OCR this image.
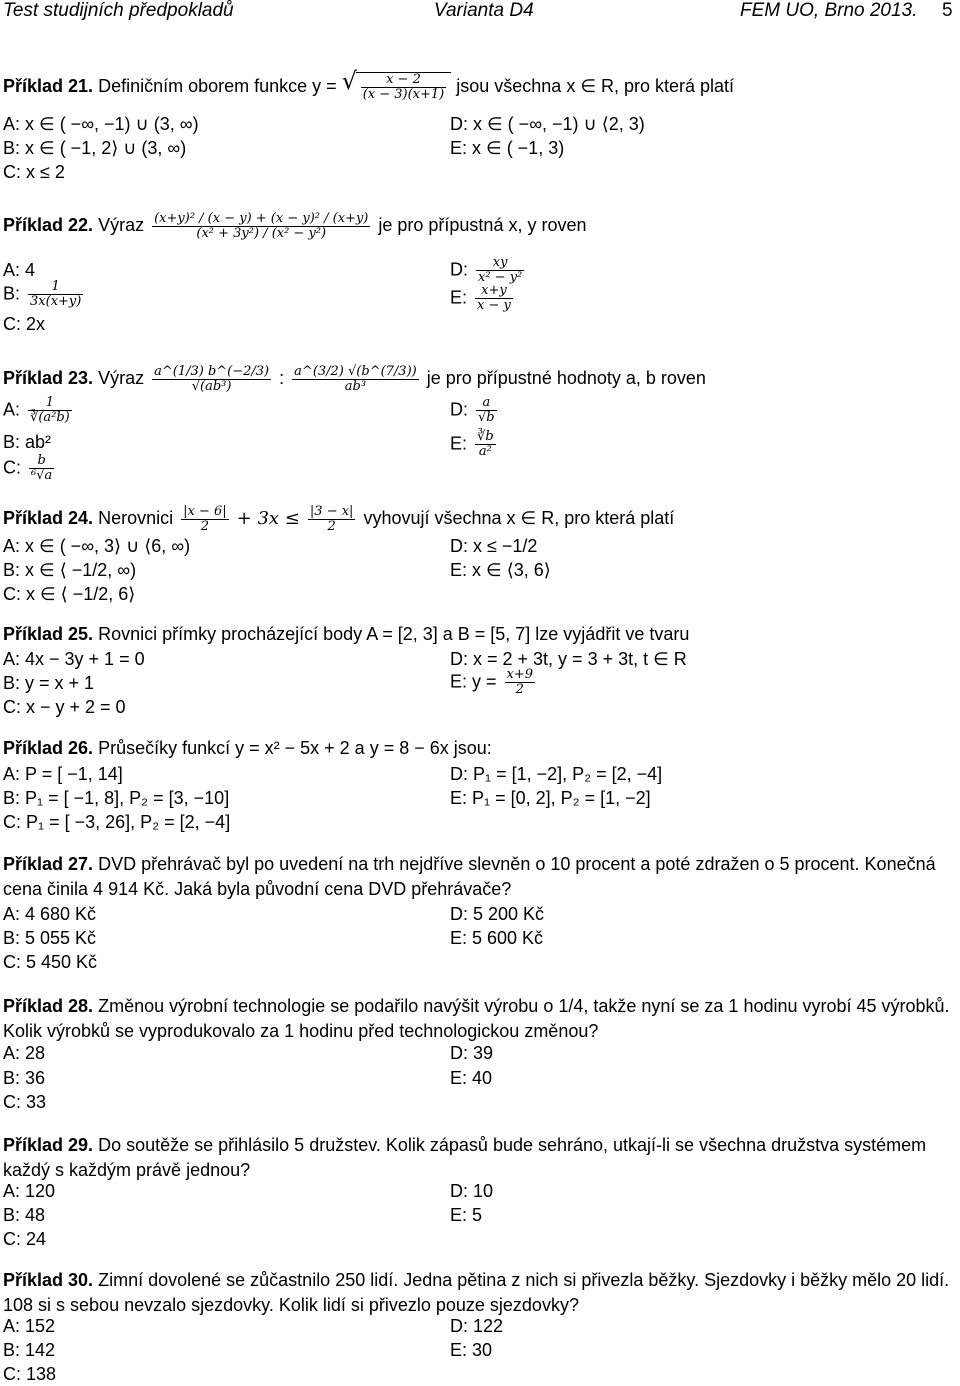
Test studijních předpokladů	Varianta D4	FEM UO, Brno 2013. 5
Příklad 21. Definičním oborem funkce y =
√ $\frac{x - 2}{(x - 3)(x+1)}$ jsou všechna x ∈ R, pro která platí
A: x ∈ ( −∞, −1) ∪ (3, ∞)
B: x ∈ ( −1, 2⟩ ∪ (3, ∞)
C: x ≤ 2
D: x ∈ ( −∞, −1) ∪ ⟨2, 3)
E: x ∈ ( −1, 3)
Příklad 22. Výraz $\frac{\text{(x+y)² / (x − y) + (x − y)² / (x+y)}}{\text{(x² + 3y²) / (x² − y²)}}$ je pro přípustná x, y roven
A: 4
B: $\frac{1}{3x(x+y)}$
C: 2x
D: $\frac{xy}{\text{x² − y²}}$
E: $\frac{x+y}{x - y}$
Příklad 23. Výraz $\frac{a\^{}(1/3) b\^{}(-2/3)}{\text{√(ab³)}}$ : $\frac{a\^{}(3/2) √(b\^{}(7/3))}{\text{ab³}}$ je pro přípustné hodnoty a, b roven
A: $\frac{1}{\text{∛(a²b)}}$
B: ab²
C: $\frac{b}{\text{⁶√a}}$
D: $\frac{a}{√b}$
E: $\frac{∛b}{\text{a²}}$
Příklad 24. Nerovnici $\frac{|x - 6|}{2} + 3x \le \frac{|3 - x|}{2}$ vyhovují všechna x ∈ R, pro která platí
A: x ∈ ( −∞, 3⟩ ∪ ⟨6, ∞)
B: x ∈ ⟨ −1/2, ∞)
C: x ∈ ⟨ −1/2, 6⟩
D: x ≤ −1/2
E: x ∈ ⟨3, 6⟩
Příklad 25. Rovnici přímky procházející body A = [2, 3] a B = [5, 7] lze vyjádřit ve tvaru
A: 4x − 3y + 1 = 0
B: y = x + 1
C: x − y + 2 = 0
D: x = 2 + 3t, y = 3 + 3t, t ∈ R
E: $y = \frac{x+9}{2}$
Příklad 26. Průsečíky funkcí y = x² − 5x + 2 a y = 8 − 6x jsou:
A: P = [ −1, 14]
B: P₁ = [ −1, 8], P₂ = [3, −10]
C: P₁ = [ −3, 26], P₂ = [2, −4]
D: P₁ = [1, −2], P₂ = [2, −4]
E: P₁ = [0, 2], P₂ = [1, −2]
Příklad 27. DVD přehrávač byl po uvedení na trh nejdříve slevněn o 10 procent a poté zdražen o 5 procent. Konečná cena činila 4 914 Kč. Jaká byla původní cena DVD přehrávače?
A: 4 680 Kč
B: 5 055 Kč
C: 5 450 Kč
D: 5 200 Kč
E: 5 600 Kč
Příklad 28. Změnou výrobní technologie se podařilo navýšit výrobu o 1/4, takže nyní se za 1 hodinu vyrobí 45 výrobků. Kolik výrobků se vyprodukovalo za 1 hodinu před technologickou změnou?
A: 28
B: 36
C: 33
D: 39
E: 40
Příklad 29. Do soutěže se přihlásilo 5 družstev. Kolik zápasů bude sehráno, utkají-li se všechna družstva systémem každý s každým právě jednou?
A: 120
B: 48
C: 24
D: 10
E: 5
Příklad 30. Zimní dovolené se zůčastnilo 250 lidí. Jedna pětina z nich si přivezla běžky. Sjezdovky i běžky mělo 20 lidí. 108 si s sebou nevzalo sjezdovky. Kolik lidí si přivezlo pouze sjezdovky?
A: 152
B: 142
C: 138
D: 122
E: 30
